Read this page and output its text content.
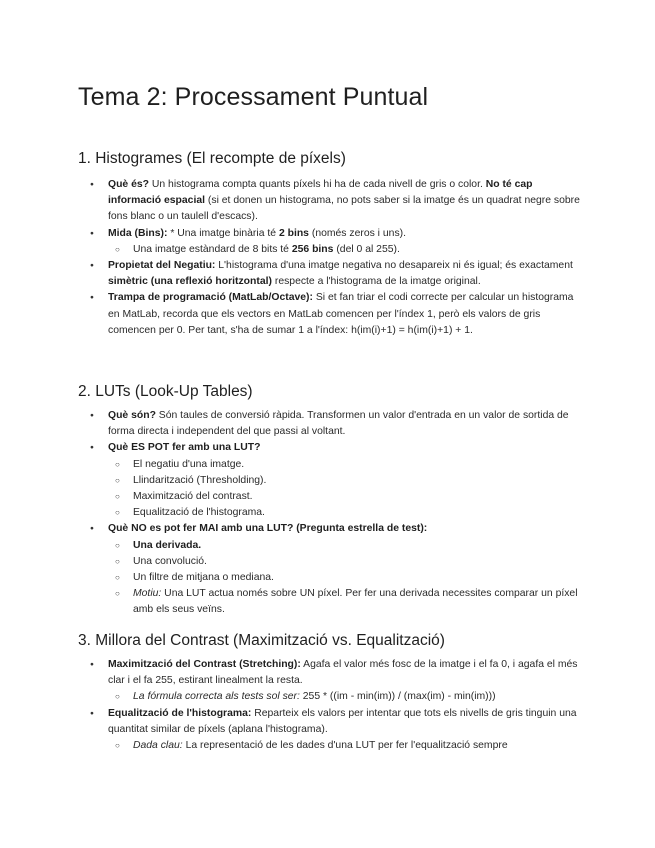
Tema 2: Processament Puntual
1. Histogrames (El recompte de píxels)
● Què és? Un histograma compta quants píxels hi ha de cada nivell de gris o color. No té cap informació espacial (si et donen un histograma, no pots saber si la imatge és un quadrat negre sobre fons blanc o un taulell d'escacs).
● Mida (Bins): * Una imatge binària té 2 bins (només zeros i uns).
○ Una imatge estàndard de 8 bits té 256 bins (del 0 al 255).
● Propietat del Negatiu: L'histograma d'una imatge negativa no desapareix ni és igual; és exactament simètric (una reflexió horitzontal) respecte a l'histograma de la imatge original.
● Trampa de programació (MatLab/Octave): Si et fan triar el codi correcte per calcular un histograma en MatLab, recorda que els vectors en MatLab comencen per l'índex 1, però els valors de gris comencen per 0. Per tant, s'ha de sumar 1 a l'índex: h(im(i)+1) = h(im(i)+1) + 1.
2. LUTs (Look-Up Tables)
● Què són? Són taules de conversió ràpida. Transformen un valor d'entrada en un valor de sortida de forma directa i independent del que passi al voltant.
● Què ES POT fer amb una LUT?
○ El negatiu d'una imatge.
○ Llindarització (Thresholding).
○ Maximització del contrast.
○ Equalització de l'histograma.
● Què NO es pot fer MAI amb una LUT? (Pregunta estrella de test):
○ Una derivada.
○ Una convolució.
○ Un filtre de mitjana o mediana.
○ Motiu: Una LUT actua només sobre UN píxel. Per fer una derivada necessites comparar un píxel amb els seus veïns.
3. Millora del Contrast (Maximització vs. Equalització)
● Maximització del Contrast (Stretching): Agafa el valor més fosc de la imatge i el fa 0, i agafa el més clar i el fa 255, estirant linealment la resta.
○ La fórmula correcta als tests sol ser: 255 * ((im - min(im)) / (max(im) - min(im)))
● Equalització de l'histograma: Reparteix els valors per intentar que tots els nivells de gris tinguin una quantitat similar de píxels (aplana l'histograma).
○ Dada clau: La representació de les dades d'una LUT per fer l'equalització sempre
